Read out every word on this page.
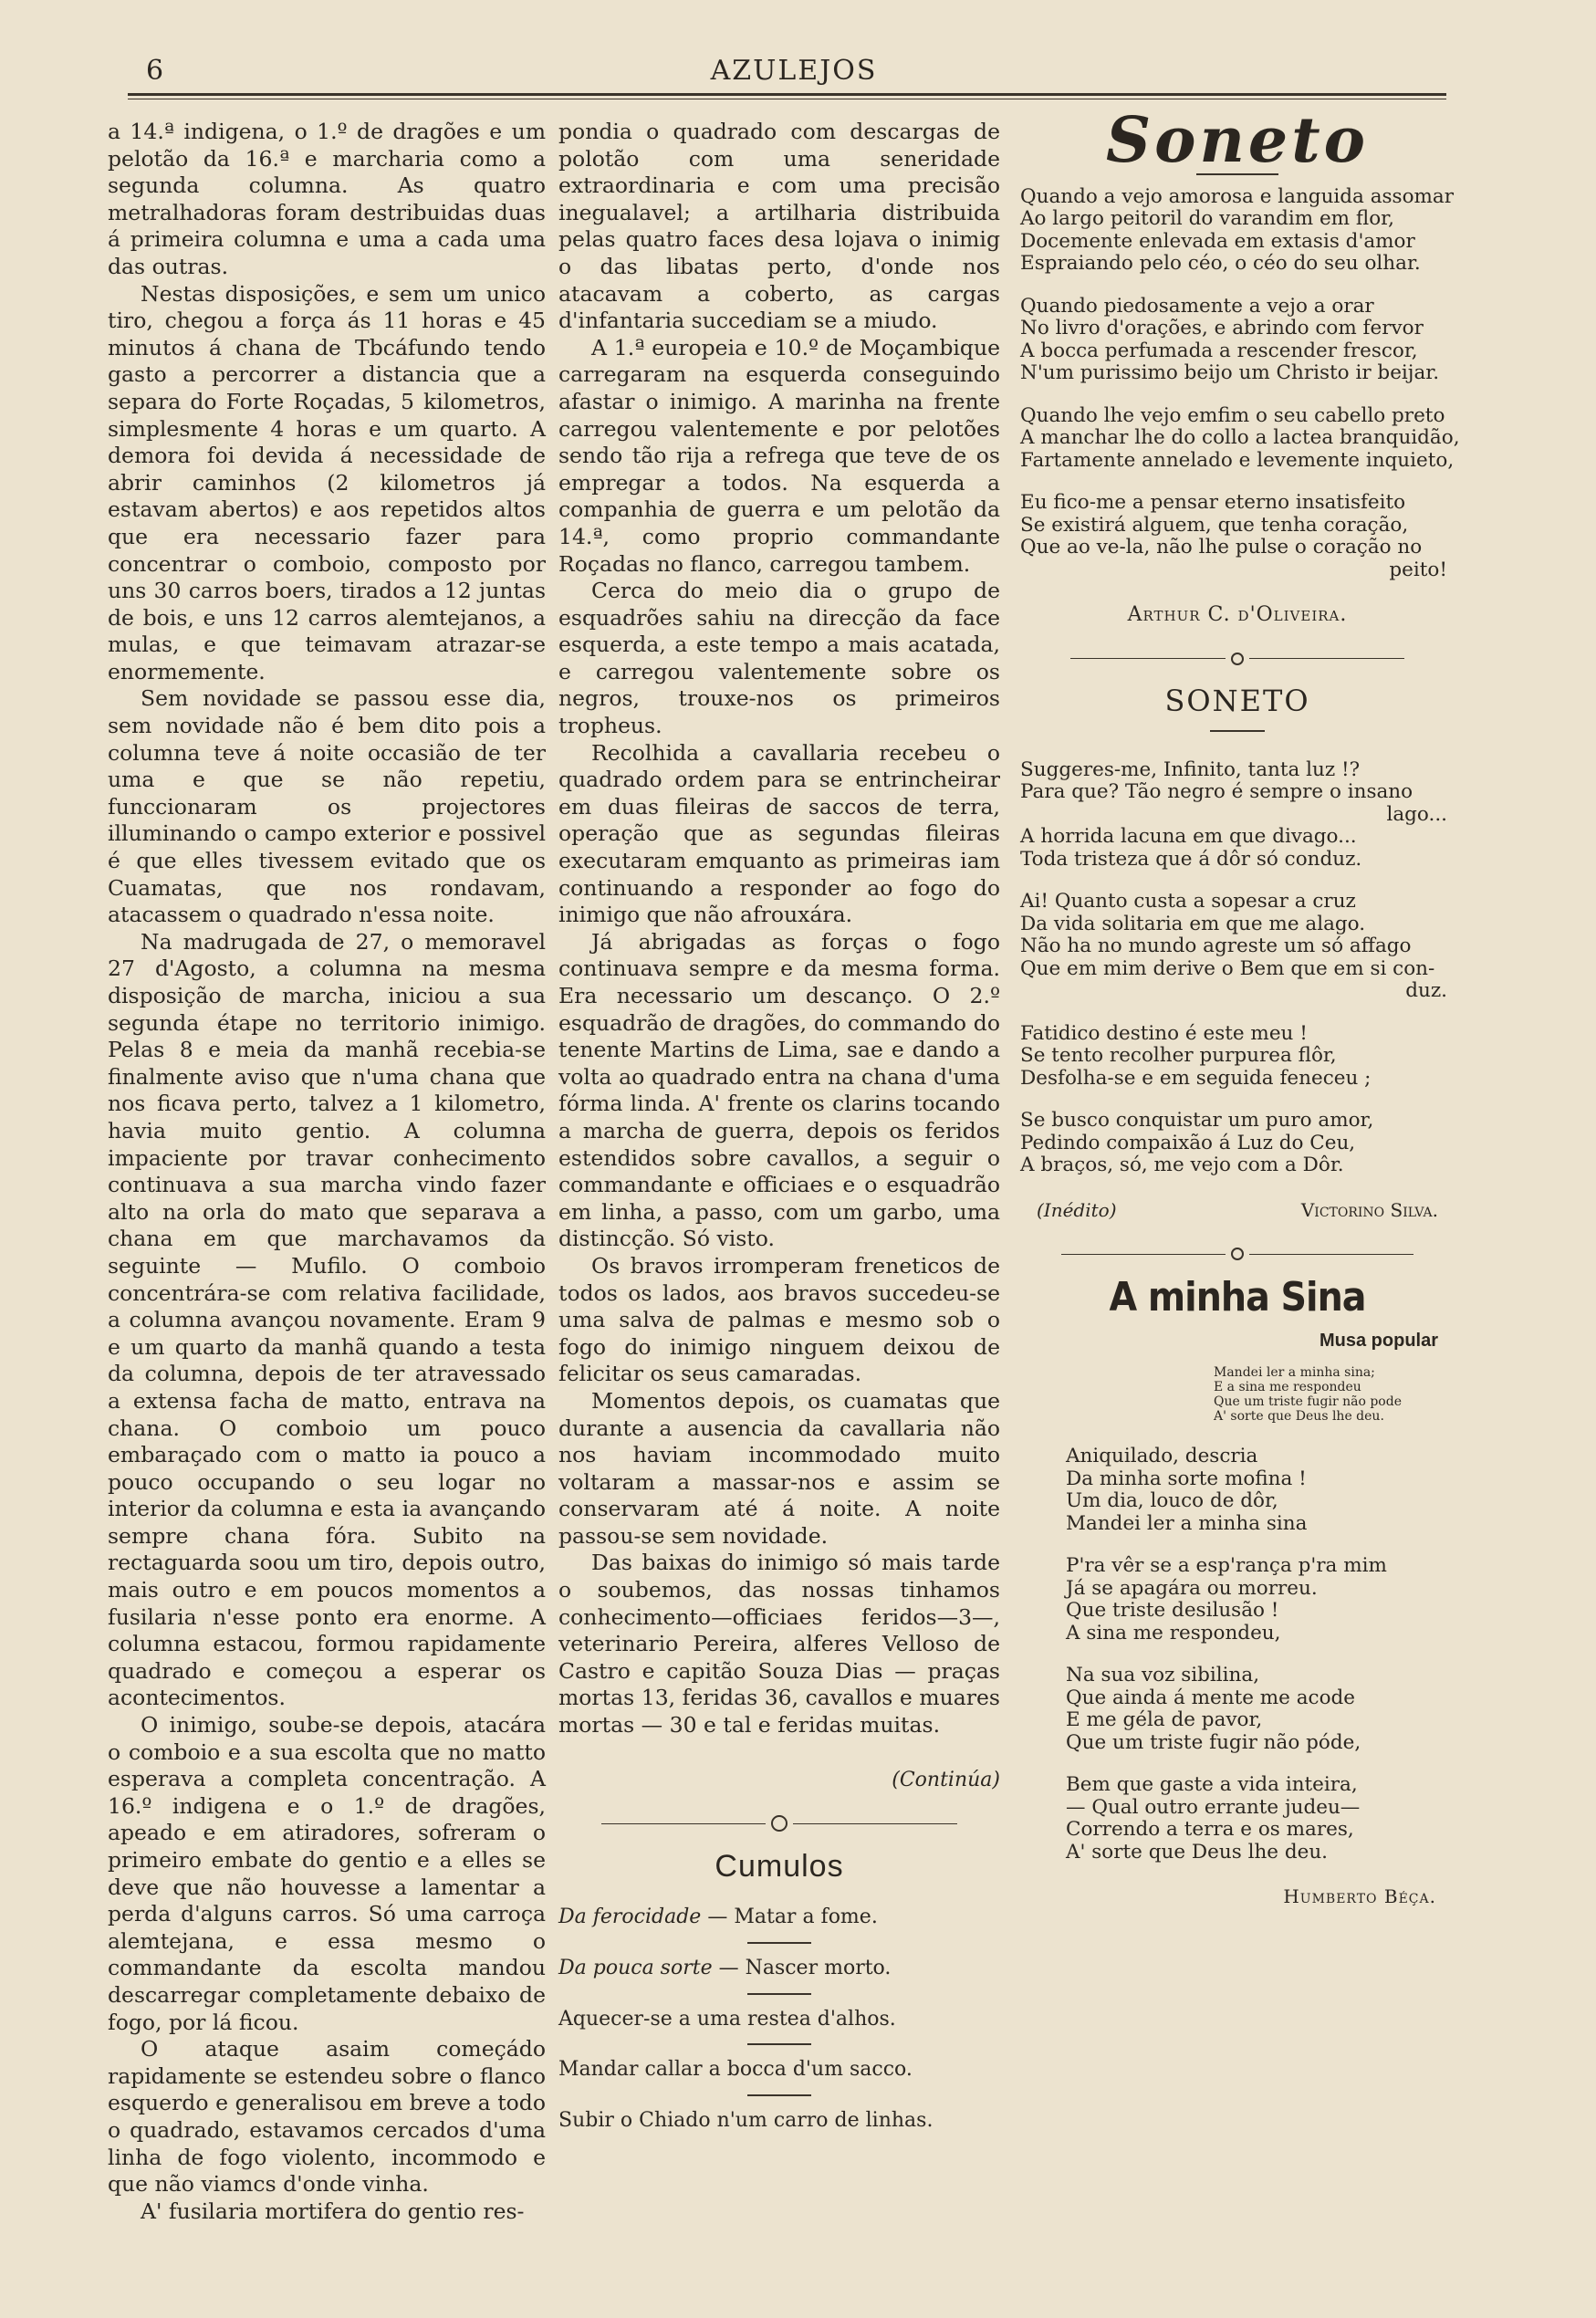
6	AZULEJOS

a 14.ª indigena, o 1.º de dragões e um pelotão da 16.ª e marcharia como a segunda columna. As quatro metralhadoras foram destribuidas duas á primeira columna e uma a cada uma das outras.

Nestas disposições, e sem um unico tiro, chegou a força ás 11 horas e 45 minutos á chana de Tbcáfundo tendo gasto a percorrer a distancia que a separa do Forte Roçadas, 5 kilometros, simplesmente 4 horas e um quarto. A demora foi devida á necessidade de abrir caminhos (2 kilometros já estavam abertos) e aos repetidos altos que era necessario fazer para concentrar o comboio, composto por uns 30 carros boers, tirados a 12 juntas de bois, e uns 12 carros alemtejanos, a mulas, e que teimavam atrazar-se enormemente.

Sem novidade se passou esse dia, sem novidade não é bem dito pois a columna teve á noite occasião de ter uma e que se não repetiu, funccionaram os projectores illuminando o campo exterior e possivel é que elles tivessem evitado que os Cuamatas, que nos rondavam, atacassem o quadrado n'essa noite.

Na madrugada de 27, o memoravel 27 d'Agosto, a columna na mesma disposição de marcha, iniciou a sua segunda étape no territorio inimigo. Pelas 8 e meia da manhã recebia-se finalmente aviso que n'uma chana que nos ficava perto, talvez a 1 kilometro, havia muito gentio. A columna impaciente por travar conhecimento continuava a sua marcha vindo fazer alto na orla do mato que separava a chana em que marchavamos da seguinte — Mufilo. O comboio concentrára-se com relativa facilidade, a columna avançou novamente. Eram 9 e um quarto da manhã quando a testa da columna, depois de ter atravessado a extensa facha de matto, entrava na chana. O comboio um pouco embaraçado com o matto ia pouco a pouco occupando o seu logar no interior da columna e esta ia avançando sempre chana fóra. Subito na rectaguarda soou um tiro, depois outro, mais outro e em poucos momentos a fusilaria n'esse ponto era enorme. A columna estacou, formou rapidamente quadrado e começou a esperar os acontecimentos.

O inimigo, soube-se depois, atacára o comboio e a sua escolta que no matto esperava a completa concentração. A 16.º indigena e o 1.º de dragões, apeado e em atiradores, sofreram o primeiro embate do gentio e a elles se deve que não houvesse a lamentar a perda d'alguns carros. Só uma carroça alemtejana, e essa mesmo o commandante da escolta mandou descarregar completamente debaixo de fogo, por lá ficou.

O ataque asaim começádo rapidamente se estendeu sobre o flanco esquerdo e generalisou em breve a todo o quadrado, estavamos cercados d'uma linha de fogo violento, incommodo e que não viamcs d'onde vinha.

A' fusilaria mortifera do gentio res-

pondia o quadrado com descargas de polotão com uma seneridade extraordinaria e com uma precisão inegualavel; a artilharia distribuida pelas quatro faces desa lojava o inimig o das libatas perto, d'onde nos atacavam a coberto, as cargas d'infantaria succediam se a miudo.

A 1.ª europeia e 10.º de Moçambique carregaram na esquerda conseguindo afastar o inimigo. A marinha na frente carregou valentemente e por pelotões sendo tão rija a refrega que teve de os empregar a todos. Na esquerda a companhia de guerra e um pelotão da 14.ª, como proprio commandante Roçadas no flanco, carregou tambem.

Cerca do meio dia o grupo de esquadrões sahiu na direcção da face esquerda, a este tempo a mais acatada, e carregou valentemente sobre os negros, trouxe-nos os primeiros tropheus.

Recolhida a cavallaria recebeu o quadrado ordem para se entrincheirar em duas fileiras de saccos de terra, operação que as segundas fileiras executaram emquanto as primeiras iam continuando a responder ao fogo do inimigo que não afrouxára.

Já abrigadas as forças o fogo continuava sempre e da mesma forma. Era necessario um descanço. O 2.º esquadrão de dragões, do commando do tenente Martins de Lima, sae e dando a volta ao quadrado entra na chana d'uma fórma linda. A' frente os clarins tocando a marcha de guerra, depois os feridos estendidos sobre cavallos, a seguir o commandante e officiaes e o esquadrão em linha, a passo, com um garbo, uma distincção. Só visto.

Os bravos irromperam freneticos de todos os lados, aos bravos succedeu-se uma salva de palmas e mesmo sob o fogo do inimigo ninguem deixou de felicitar os seus camaradas.

Momentos depois, os cuamatas que durante a ausencia da cavallaria não nos haviam incommodado muito voltaram a massar-nos e assim se conservaram até á noite. A noite passou-se sem novidade.

Das baixas do inimigo só mais tarde o soubemos, das nossas tinhamos conhecimento—officiaes feridos—3—, veterinario Pereira, alferes Velloso de Castro e capitão Souza Dias — praças mortas 13, feridas 36, cavallos e muares mortas — 30 e tal e feridas muitas.

(Continúa)
Cumulos

Da ferocidade — Matar a fome.

Da pouca sorte — Nascer morto.

Aquecer-se a uma restea d'alhos.

Mandar callar a bocca d'um sacco.

Subir o Chiado n'um carro de linhas.

Soneto
Quando a vejo amorosa e languida assomar
Ao largo peitoril do varandim em flor,
Docemente enlevada em extasis d'amor
Espraiando pelo céo, o céo do seu olhar.
Quando piedosamente a vejo a orar
No livro d'orações, e abrindo com fervor
A bocca perfumada a rescender frescor,
N'um purissimo beijo um Christo ir beijar.
Quando lhe vejo emfim o seu cabello preto
A manchar lhe do collo a lactea branquidão,
Fartamente annelado e levemente inquieto,
Eu fico-me a pensar eterno insatisfeito
Se existirá alguem, que tenha coração,
Que ao ve-la, não lhe pulse o coração no
peito!
Arthur C. d'Oliveira.
SONETO
Suggeres-me, Infinito, tanta luz !?
Para que? Tão negro é sempre o insano
lago...
A horrida lacuna em que divago...
Toda tristeza que á dôr só conduz.
Ai! Quanto custa a sopesar a cruz
Da vida solitaria em que me alago.
Não ha no mundo agreste um só affago
Que em mim derive o Bem que em si con-
duz.
Fatidico destino é este meu !
Se tento recolher purpurea flôr,
Desfolha-se e em seguida feneceu ;
Se busco conquistar um puro amor,
Pedindo compaixão á Luz do Ceu,
A braços, só, me vejo com a Dôr.
(Inédito)	Victorino Silva.
A minha Sina
Musa popular
Mandei ler a minha sina;
E a sina me respondeu
Que um triste fugir não pode
A' sorte que Deus lhe deu.
Aniquilado, descria
Da minha sorte mofina !
Um dia, louco de dôr,
Mandei ler a minha sina
P'ra vêr se a esp'rança p'ra mim
Já se apagára ou morreu.
Que triste desilusão !
A sina me respondeu,
Na sua voz sibilina,
Que ainda á mente me acode
E me géla de pavor,
Que um triste fugir não póde,
Bem que gaste a vida inteira,
— Qual outro errante judeu—
Correndo a terra e os mares,
A' sorte que Deus lhe deu.
Humberto Béça.
